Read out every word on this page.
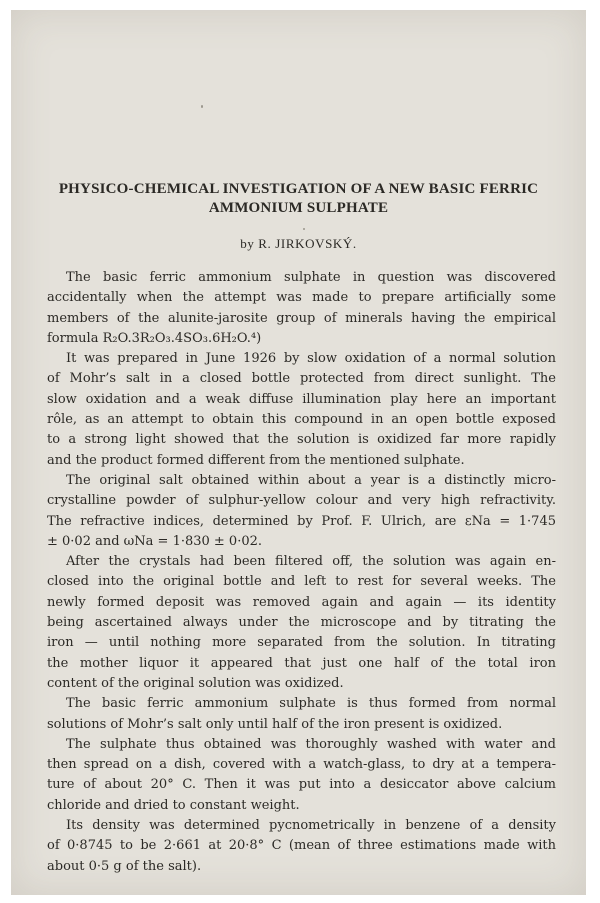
PHYSICO-CHEMICAL INVESTIGATION OF A NEW BASIC FERRIC
AMMONIUM SULPHATE
by R. JIRKOVSKÝ.
The basic ferric ammonium sulphate in question was discovered
accidentally when the attempt was made to prepare artificially some
members of the alunite-jarosite group of minerals having the empirical
formula R₂O.3R₂O₃.4SO₃.6H₂O.⁴)
It was prepared in June 1926 by slow oxidation of a normal solution
of Mohr’s salt in a closed bottle protected from direct sunlight. The
slow oxidation and a weak diffuse illumination play here an important
rôle, as an attempt to obtain this compound in an open bottle exposed
to a strong light showed that the solution is oxidized far more rapidly
and the product formed different from the mentioned sulphate.
The original salt obtained within about a year is a distinctly micro-
crystalline powder of sulphur-yellow colour and very high refractivity.
The refractive indices, determined by Prof. F. Ulrich, are εNa = 1·745
± 0·02 and ωNa = 1·830 ± 0·02.
After the crystals had been filtered off, the solution was again en-
closed into the original bottle and left to rest for several weeks. The
newly formed deposit was removed again and again — its identity
being ascertained always under the microscope and by titrating the
iron — until nothing more separated from the solution. In titrating
the mother liquor it appeared that just one half of the total iron
content of the original solution was oxidized.
The basic ferric ammonium sulphate is thus formed from normal
solutions of Mohr’s salt only until half of the iron present is oxidized.
The sulphate thus obtained was thoroughly washed with water and
then spread on a dish, covered with a watch-glass, to dry at a tempera-
ture of about 20° C. Then it was put into a desiccator above calcium
chloride and dried to constant weight.
Its density was determined pycnometrically in benzene of a density
of 0·8745 to be 2·661 at 20·8° C (mean of three estimations made with
about 0·5 g of the salt).
